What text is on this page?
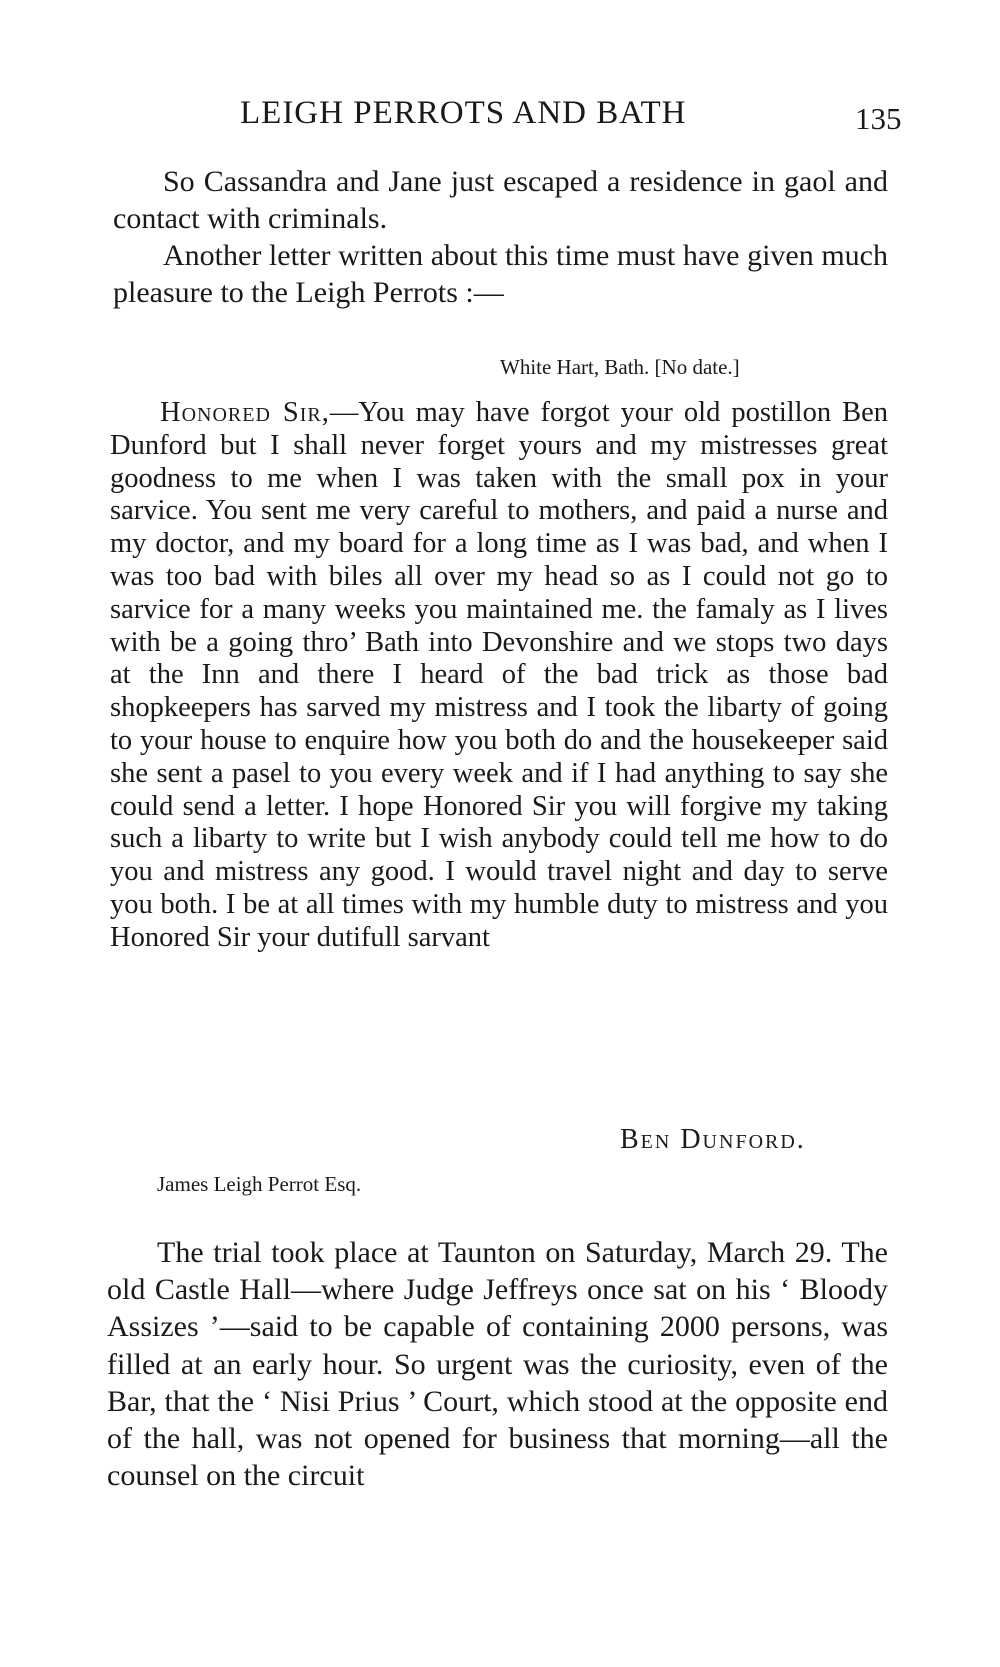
LEIGH PERROTS AND BATH	135

So Cassandra and Jane just escaped a residence in gaol and contact with criminals.

Another letter written about this time must have given much pleasure to the Leigh Perrots :—

White Hart, Bath. [No date.]

Honored Sir,—You may have forgot your old postillon Ben Dunford but I shall never forget yours and my mistresses great goodness to me when I was taken with the small pox in your sarvice. You sent me very careful to mothers, and paid a nurse and my doctor, and my board for a long time as I was bad, and when I was too bad with biles all over my head so as I could not go to sarvice for a many weeks you maintained me. the famaly as I lives with be a going thro’ Bath into Devonshire and we stops two days at the Inn and there I heard of the bad trick as those bad shopkeepers has sarved my mistress and I took the libarty of going to your house to enquire how you both do and the housekeeper said she sent a pasel to you every week and if I had anything to say she could send a letter. I hope Honored Sir you will forgive my taking such a libarty to write but I wish anybody could tell me how to do you and mistress any good. I would travel night and day to serve you both. I be at all times with my humble duty to mistress and you Honored Sir your dutifull sarvant

Ben Dunford.
James Leigh Perrot Esq.

The trial took place at Taunton on Saturday, March 29. The old Castle Hall—where Judge Jeffreys once sat on his ‘ Bloody Assizes ’—said to be capable of containing 2000 persons, was filled at an early hour. So urgent was the curiosity, even of the Bar, that the ‘ Nisi Prius ’ Court, which stood at the opposite end of the hall, was not opened for business that morning—all the counsel on the circuit
